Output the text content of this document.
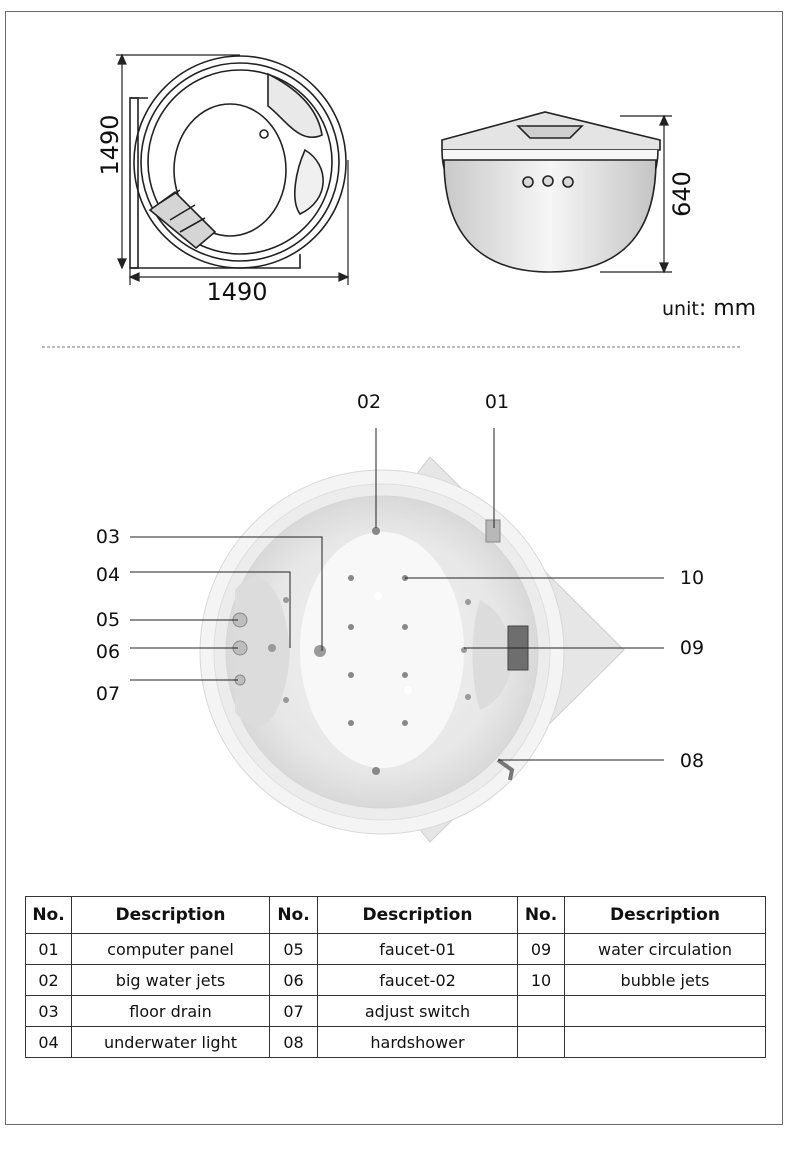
1490
1490
640
01
02
03
04
05
06
07
08
09
10
unit: mm
No.	Description	No.	Description	No.	Description
01	computer panel	05	faucet-01	09	water circulation
02	big water jets	06	faucet-02	10	bubble jets
03	floor drain	07	adjust switch		
04	underwater light	08	hardshower		
